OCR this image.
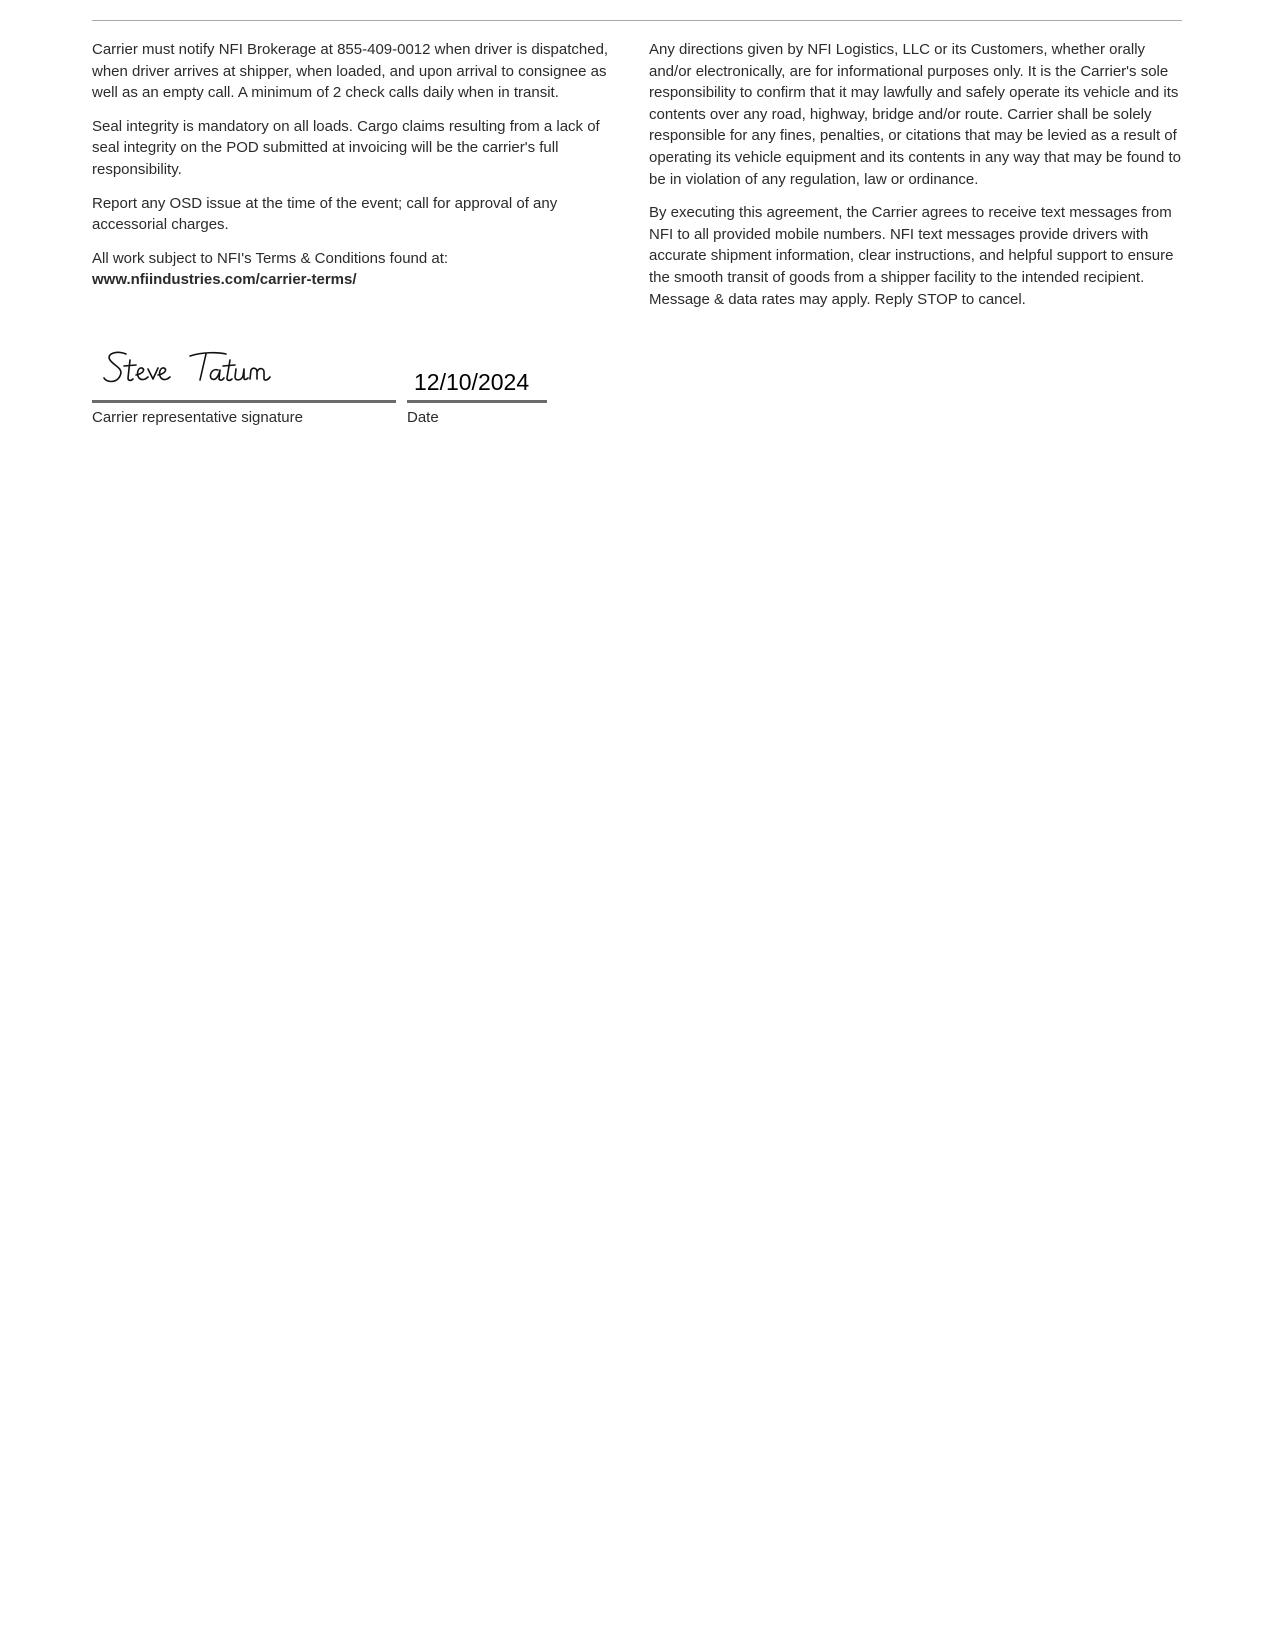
Carrier must notify NFI Brokerage at 855-409-0012 when driver is dispatched, when driver arrives at shipper, when loaded, and upon arrival to consignee as well as an empty call. A minimum of 2 check calls daily when in transit.

Seal integrity is mandatory on all loads. Cargo claims resulting from a lack of seal integrity on the POD submitted at invoicing will be the carrier's full responsibility.

Report any OSD issue at the time of the event; call for approval of any accessorial charges.

All work subject to NFI's Terms & Conditions found at:
www.nfiindustries.com/carrier-terms/

Any directions given by NFI Logistics, LLC or its Customers, whether orally and/or electronically, are for informational purposes only. It is the Carrier's sole responsibility to confirm that it may lawfully and safely operate its vehicle and its contents over any road, highway, bridge and/or route. Carrier shall be solely responsible for any fines, penalties, or citations that may be levied as a result of operating its vehicle equipment and its contents in any way that may be found to be in violation of any regulation, law or ordinance.

By executing this agreement, the Carrier agrees to receive text messages from NFI to all provided mobile numbers. NFI text messages provide drivers with accurate shipment information, clear instructions, and helpful support to ensure the smooth transit of goods from a shipper facility to the intended recipient. Message & data rates may apply. Reply STOP to cancel.

Carrier representative signature
12/10/2024
Date
